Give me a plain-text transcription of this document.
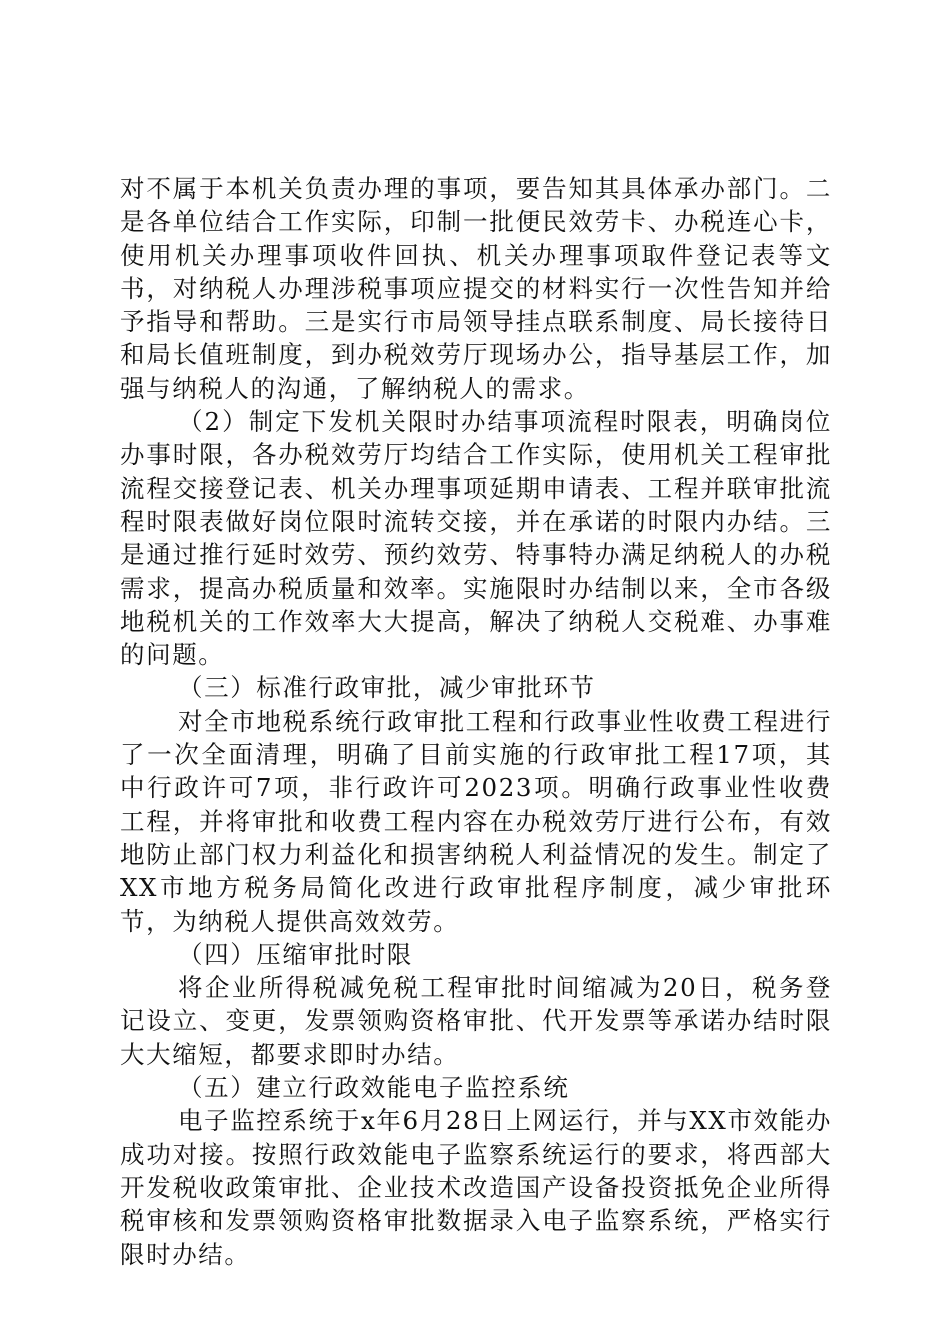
对不属于本机关负责办理的事项，要告知其具体承办部门。二是各单位结合工作实际，印制一批便民效劳卡、办税连心卡，使用机关办理事项收件回执、机关办理事项取件登记表等文书，对纳税人办理涉税事项应提交的材料实行一次性告知并给予指导和帮助。三是实行市局领导挂点联系制度、局长接待日和局长值班制度，到办税效劳厅现场办公，指导基层工作，加强与纳税人的沟通，了解纳税人的需求。

（2）制定下发机关限时办结事项流程时限表，明确岗位办事时限，各办税效劳厅均结合工作实际，使用机关工程审批流程交接登记表、机关办理事项延期申请表、工程并联审批流程时限表做好岗位限时流转交接，并在承诺的时限内办结。三是通过推行延时效劳、预约效劳、特事特办满足纳税人的办税需求，提高办税质量和效率。实施限时办结制以来，全市各级地税机关的工作效率大大提高，解决了纳税人交税难、办事难的问题。

（三）标准行政审批，减少审批环节

对全市地税系统行政审批工程和行政事业性收费工程进行了一次全面清理，明确了目前实施的行政审批工程17项，其中行政许可7项，非行政许可2023项。明确行政事业性收费工程，并将审批和收费工程内容在办税效劳厅进行公布，有效地防止部门权力利益化和损害纳税人利益情况的发生。制定了XX市地方税务局简化改进行政审批程序制度，减少审批环节，为纳税人提供高效效劳。

（四）压缩审批时限

将企业所得税减免税工程审批时间缩减为20日，税务登记设立、变更，发票领购资格审批、代开发票等承诺办结时限大大缩短，都要求即时办结。

（五）建立行政效能电子监控系统

电子监控系统于x年6月28日上网运行，并与XX市效能办成功对接。按照行政效能电子监察系统运行的要求，将西部大开发税收政策审批、企业技术改造国产设备投资抵免企业所得税审核和发票领购资格审批数据录入电子监察系统，严格实行限时办结。
